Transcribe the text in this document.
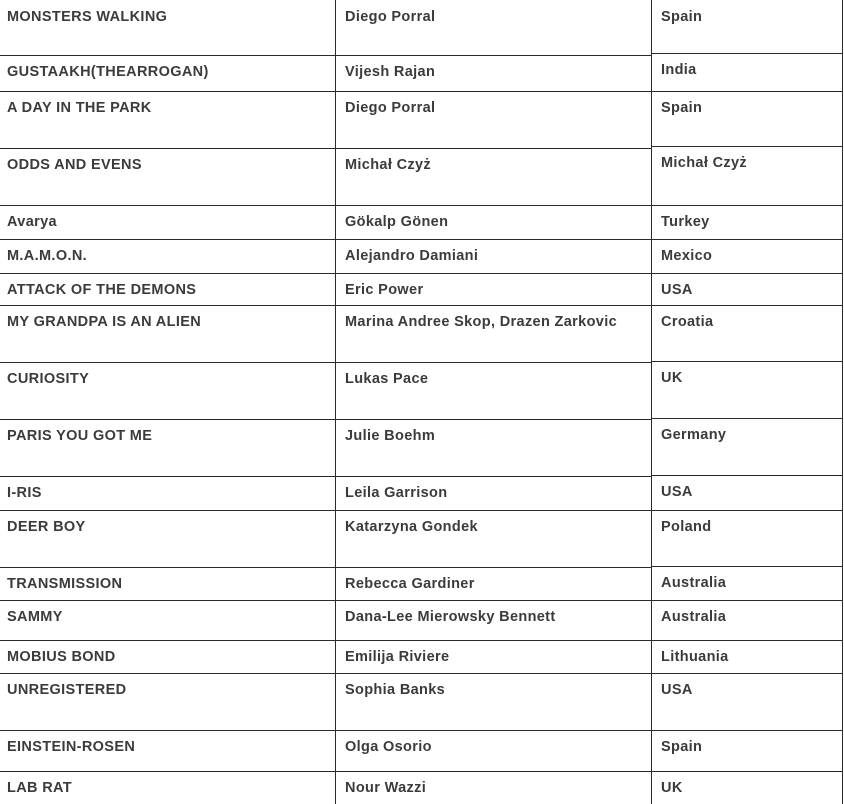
MONSTERS WALKING	Diego Porral	Spain
GUSTAAKH(THEARROGAN)	Vijesh Rajan	India
A DAY IN THE PARK	Diego Porral	Spain
ODDS AND EVENS	Michał Czyż	Michał Czyż
Avarya	Gökalp Gönen	Turkey
M.A.M.O.N.	Alejandro Damiani	Mexico
ATTACK OF THE DEMONS	Eric Power	USA
MY GRANDPA IS AN ALIEN	Marina Andree Skop, Drazen Zarkovic	Croatia
CURIOSITY	Lukas Pace	UK
PARIS YOU GOT ME	Julie Boehm	Germany
I-RIS	Leila Garrison	USA
DEER BOY	Katarzyna Gondek	Poland
TRANSMISSION	Rebecca Gardiner	Australia
SAMMY	Dana-Lee Mierowsky Bennett	Australia
MOBIUS BOND	Emilija Riviere	Lithuania
UNREGISTERED	Sophia Banks	USA
EINSTEIN-ROSEN	Olga Osorio	Spain
LAB RAT	Nour Wazzi	UK
